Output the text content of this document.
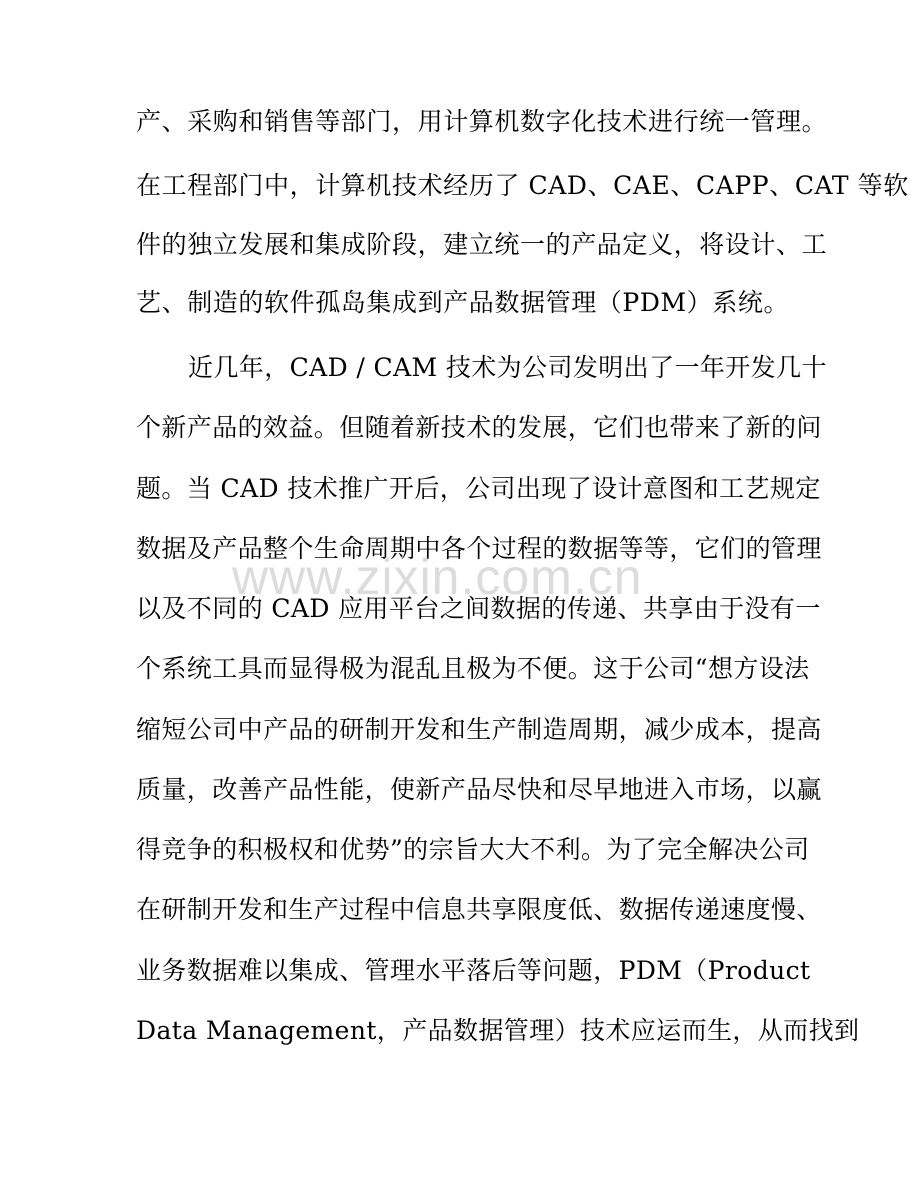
产、采购和销售等部门，用计算机数字化技术进行统一管理。
在工程部门中，计算机技术经历了 CAD、CAE、CAPP、CAT 等软
件的独立发展和集成阶段，建立统一的产品定义，将设计、工
艺、制造的软件孤岛集成到产品数据管理（PDM）系统。
近几年，CAD / CAM 技术为公司发明出了一年开发几十
个新产品的效益。但随着新技术的发展，它们也带来了新的问
题。当 CAD 技术推广开后，公司出现了设计意图和工艺规定
数据及产品整个生命周期中各个过程的数据等等，它们的管理
以及不同的 CAD 应用平台之间数据的传递、共享由于没有一
个系统工具而显得极为混乱且极为不便。这于公司“想方设法
缩短公司中产品的研制开发和生产制造周期，减少成本，提高
质量，改善产品性能，使新产品尽快和尽早地进入市场，以赢
得竞争的积极权和优势”的宗旨大大不利。为了完全解决公司
在研制开发和生产过程中信息共享限度低、数据传递速度慢、
业务数据难以集成、管理水平落后等问题，PDM（Product
Data Management，产品数据管理）技术应运而生，从而找到
www.zixin.com.cn
